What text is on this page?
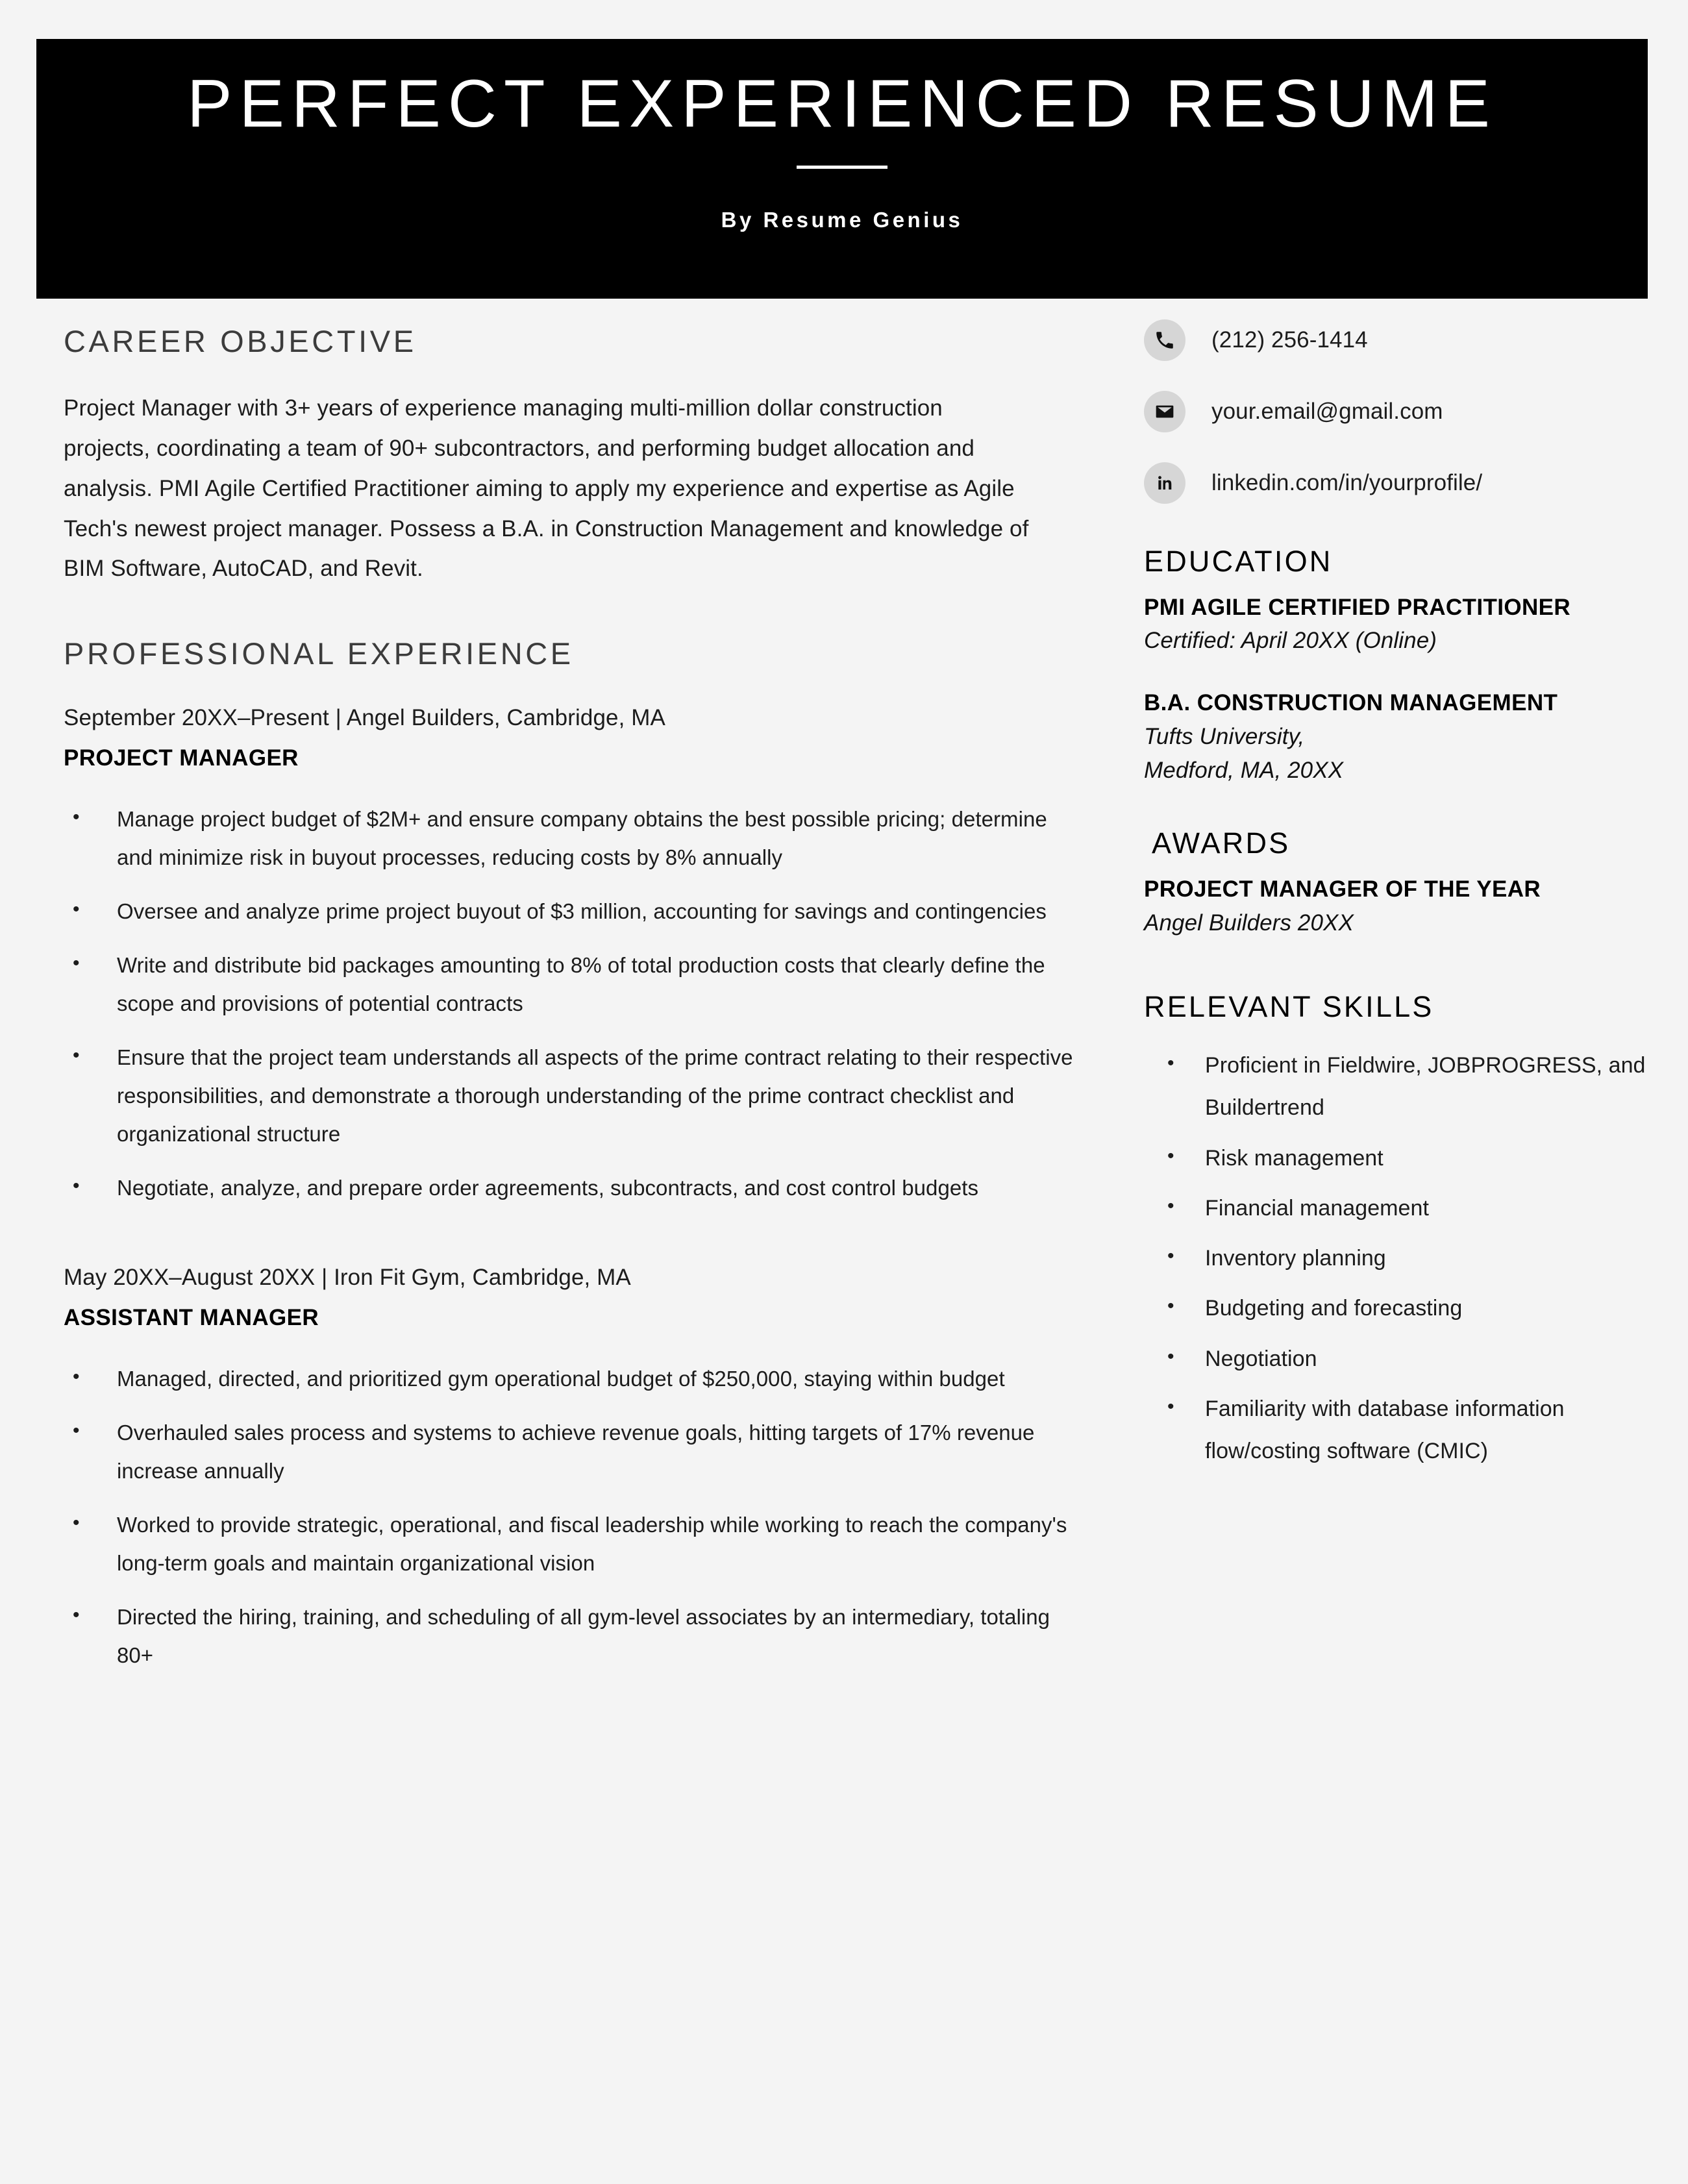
PERFECT EXPERIENCED RESUME
By Resume Genius
CAREER OBJECTIVE
Project Manager with 3+ years of experience managing multi-million dollar construction projects, coordinating a team of 90+ subcontractors, and performing budget allocation and analysis. PMI Agile Certified Practitioner aiming to apply my experience and expertise as Agile Tech's newest project manager. Possess a B.A. in Construction Management and knowledge of BIM Software, AutoCAD, and Revit.
PROFESSIONAL EXPERIENCE
September 20XX–Present | Angel Builders, Cambridge, MA
PROJECT MANAGER
• Manage project budget of $2M+ and ensure company obtains the best possible pricing; determine and minimize risk in buyout processes, reducing costs by 8% annually
• Oversee and analyze prime project buyout of $3 million, accounting for savings and contingencies
• Write and distribute bid packages amounting to 8% of total production costs that clearly define the scope and provisions of potential contracts
• Ensure that the project team understands all aspects of the prime contract relating to their respective responsibilities, and demonstrate a thorough understanding of the prime contract checklist and organizational structure
• Negotiate, analyze, and prepare order agreements, subcontracts, and cost control budgets
May 20XX–August 20XX | Iron Fit Gym, Cambridge, MA
ASSISTANT MANAGER
• Managed, directed, and prioritized gym operational budget of $250,000, staying within budget
• Overhauled sales process and systems to achieve revenue goals, hitting targets of 17% revenue increase annually
• Worked to provide strategic, operational, and fiscal leadership while working to reach the company's long-term goals and maintain organizational vision
• Directed the hiring, training, and scheduling of all gym-level associates by an intermediary, totaling 80+
(212) 256-1414
your.email@gmail.com
linkedin.com/in/yourprofile/
EDUCATION
PMI AGILE CERTIFIED PRACTITIONER
Certified: April 20XX (Online)
B.A. CONSTRUCTION MANAGEMENT
Tufts University,
Medford, MA, 20XX
AWARDS
PROJECT MANAGER OF THE YEAR
Angel Builders 20XX
RELEVANT SKILLS
• Proficient in Fieldwire, JOBPROGRESS, and Buildertrend
• Risk management
• Financial management
• Inventory planning
• Budgeting and forecasting
• Negotiation
• Familiarity with database information flow/costing software (CMIC)
